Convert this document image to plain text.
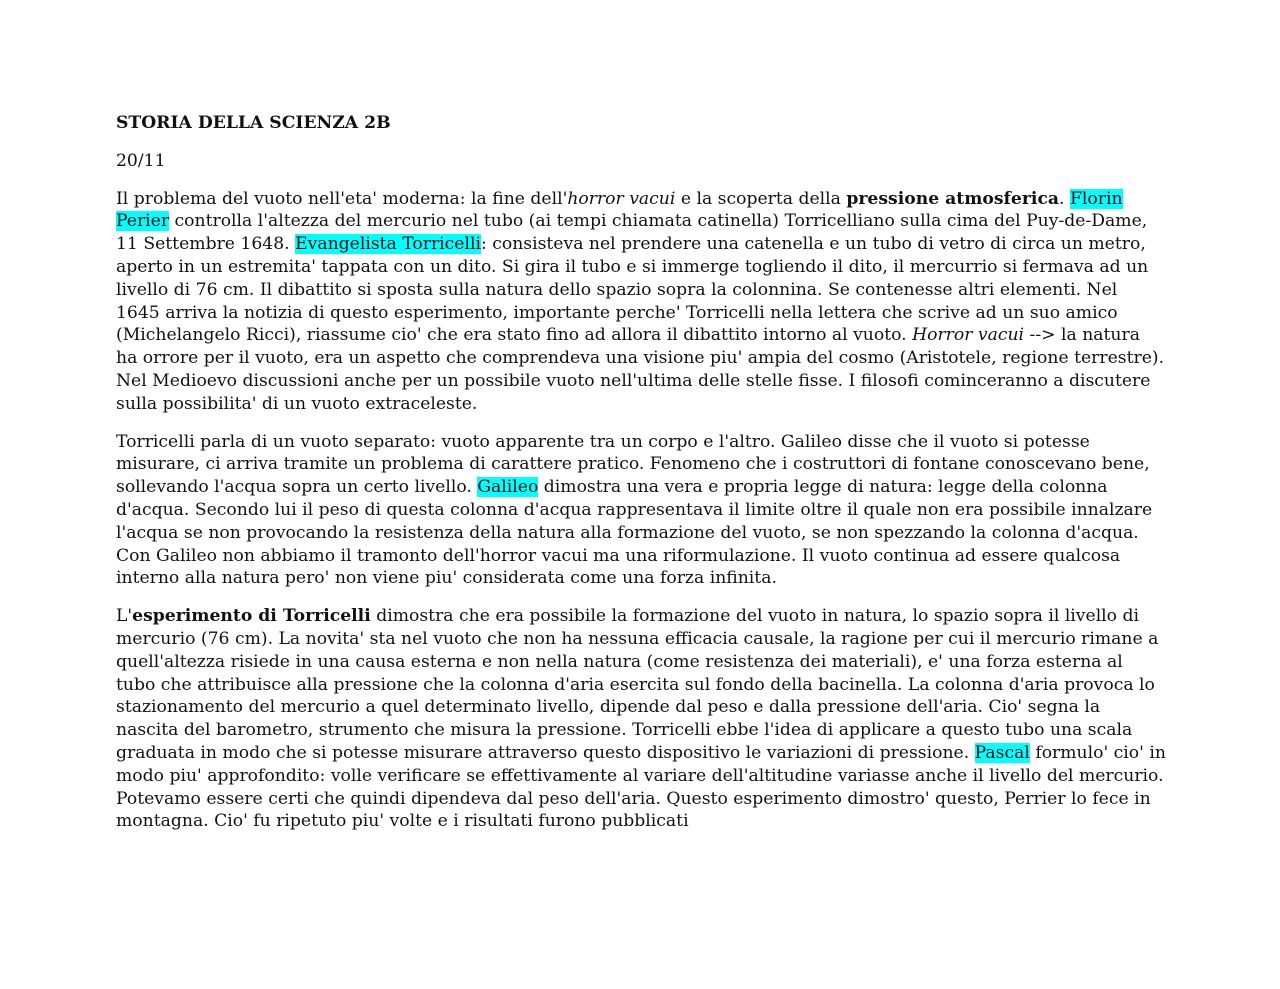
STORIA DELLA SCIENZA 2B
20/11

Il problema del vuoto nell'eta' moderna: la fine dell'horror vacui e la scoperta della pressione atmosferica. Florin Perier controlla l'altezza del mercurio nel tubo (ai tempi chiamata catinella) Torricelliano sulla cima del Puy-de-Dame, 11 Settembre 1648. Evangelista Torricelli: consisteva nel prendere una catenella e un tubo di vetro di circa un metro, aperto in un estremita' tappata con un dito. Si gira il tubo e si immerge togliendo il dito, il mercurrio si fermava ad un livello di 76 cm. Il dibattito si sposta sulla natura dello spazio sopra la colonnina. Se contenesse altri elementi. Nel 1645 arriva la notizia di questo esperimento, importante perche' Torricelli nella lettera che scrive ad un suo amico (Michelangelo Ricci), riassume cio' che era stato fino ad allora il dibattito intorno al vuoto. Horror vacui --> la natura ha orrore per il vuoto, era un aspetto che comprendeva una visione piu' ampia del cosmo (Aristotele, regione terrestre). Nel Medioevo discussioni anche per un possibile vuoto nell'ultima delle stelle fisse. I filosofi cominceranno a discutere sulla possibilita' di un vuoto extraceleste.

Torricelli parla di un vuoto separato: vuoto apparente tra un corpo e l'altro. Galileo disse che il vuoto si potesse misurare, ci arriva tramite un problema di carattere pratico. Fenomeno che i costruttori di fontane conoscevano bene, sollevando l'acqua sopra un certo livello. Galileo dimostra una vera e propria legge di natura: legge della colonna d'acqua. Secondo lui il peso di questa colonna d'acqua rappresentava il limite oltre il quale non era possibile innalzare l'acqua se non provocando la resistenza della natura alla formazione del vuoto, se non spezzando la colonna d'acqua. Con Galileo non abbiamo il tramonto dell'horror vacui ma una riformulazione. Il vuoto continua ad essere qualcosa interno alla natura pero' non viene piu' considerata come una forza infinita.

L'esperimento di Torricelli dimostra che era possibile la formazione del vuoto in natura, lo spazio sopra il livello di mercurio (76 cm). La novita' sta nel vuoto che non ha nessuna efficacia causale, la ragione per cui il mercurio rimane a quell'altezza risiede in una causa esterna e non nella natura (come resistenza dei materiali), e' una forza esterna al tubo che attribuisce alla pressione che la colonna d'aria esercita sul fondo della bacinella. La colonna d'aria provoca lo stazionamento del mercurio a quel determinato livello, dipende dal peso e dalla pressione dell'aria. Cio' segna la nascita del barometro, strumento che misura la pressione. Torricelli ebbe l'idea di applicare a questo tubo una scala graduata in modo che si potesse misurare attraverso questo dispositivo le variazioni di pressione. Pascal formulo' cio' in modo piu' approfondito: volle verificare se effettivamente al variare dell'altitudine variasse anche il livello del mercurio. Potevamo essere certi che quindi dipendeva dal peso dell'aria. Questo esperimento dimostro' questo, Perrier lo fece in montagna. Cio' fu ripetuto piu' volte e i risultati furono pubblicati
